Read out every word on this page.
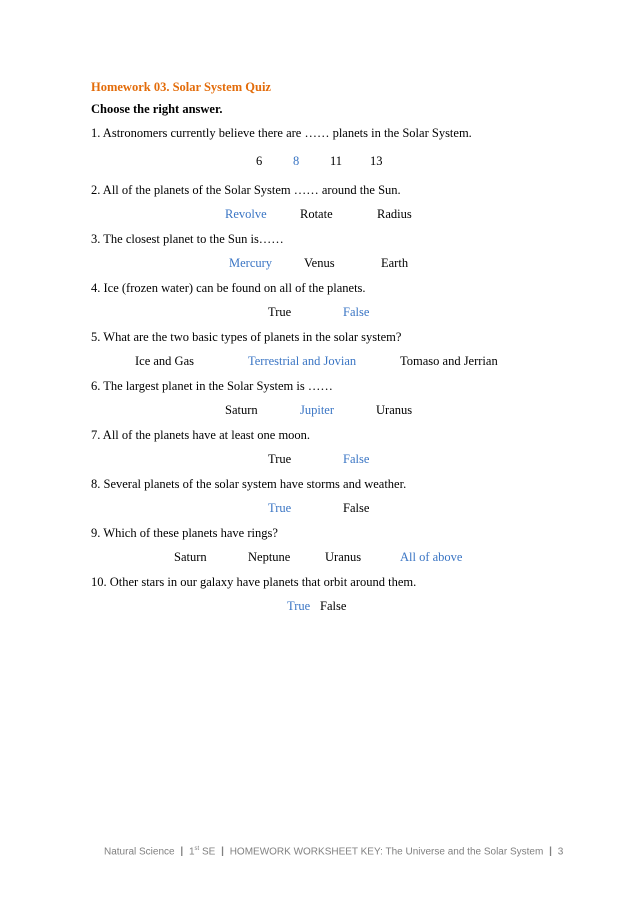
Homework 03. Solar System Quiz
Choose the right answer.
1. Astronomers currently believe there are …… planets in the Solar System.
6 8 11 13
2. All of the planets of the Solar System …… around the Sun.
Revolve	Rotate	Radius
3. The closest planet to the Sun is……
Mercury	Venus	Earth
4. Ice (frozen water) can be found on all of the planets.
True	False
5. What are the two basic types of planets in the solar system?
Ice and Gas	Terrestrial and Jovian	Tomaso and Jerrian
6. The largest planet in the Solar System is ……
Saturn	Jupiter	Uranus
7. All of the planets have at least one moon.
True	False
8. Several planets of the solar system have storms and weather.
True	False
9. Which of these planets have rings?
Saturn	Neptune	Uranus	All of above
10. Other stars in our galaxy have planets that orbit around them.
True False
Natural Science | 1st SE | HOMEWORK WORKSHEET KEY: The Universe and the Solar System | 3
